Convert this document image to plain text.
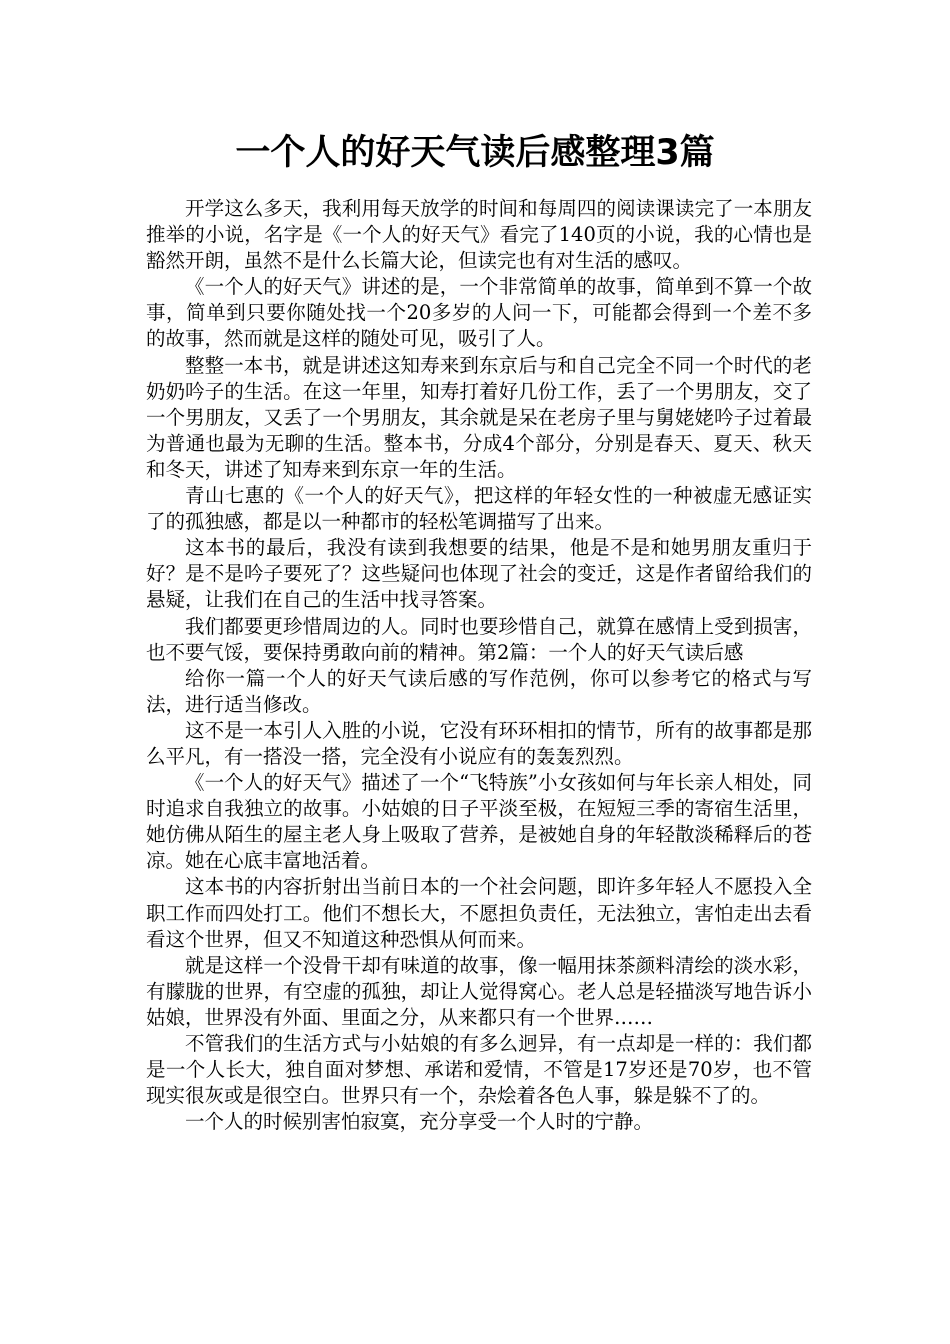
一个人的好天气读后感整理3篇

开学这么多天，我利用每天放学的时间和每周四的阅读课读完了一本朋友推举的小说，名字是《一个人的好天气》看完了140页的小说，我的心情也是豁然开朗，虽然不是什么长篇大论，但读完也有对生活的感叹。

《一个人的好天气》讲述的是，一个非常简单的故事，简单到不算一个故事，简单到只要你随处找一个20多岁的人问一下，可能都会得到一个差不多的故事，然而就是这样的随处可见，吸引了人。

整整一本书，就是讲述这知寿来到东京后与和自己完全不同一个时代的老奶奶吟子的生活。在这一年里，知寿打着好几份工作，丢了一个男朋友，交了一个男朋友，又丢了一个男朋友，其余就是呆在老房子里与舅姥姥吟子过着最为普通也最为无聊的生活。整本书，分成4个部分，分别是春天、夏天、秋天和冬天，讲述了知寿来到东京一年的生活。

青山七惠的《一个人的好天气》，把这样的年轻女性的一种被虚无感证实了的孤独感，都是以一种都市的轻松笔调描写了出来。

这本书的最后，我没有读到我想要的结果，他是不是和她男朋友重归于好？是不是吟子要死了？这些疑问也体现了社会的变迁，这是作者留给我们的悬疑，让我们在自己的生活中找寻答案。

我们都要更珍惜周边的人。同时也要珍惜自己，就算在感情上受到损害，也不要气馁，要保持勇敢向前的精神。第2篇：一个人的好天气读后感

给你一篇一个人的好天气读后感的写作范例，你可以参考它的格式与写法，进行适当修改。

这不是一本引人入胜的小说，它没有环环相扣的情节，所有的故事都是那么平凡，有一搭没一搭，完全没有小说应有的轰轰烈烈。

《一个人的好天气》描述了一个“飞特族”小女孩如何与年长亲人相处，同时追求自我独立的故事。小姑娘的日子平淡至极，在短短三季的寄宿生活里，她仿佛从陌生的屋主老人身上吸取了营养，是被她自身的年轻散淡稀释后的苍凉。她在心底丰富地活着。

这本书的内容折射出当前日本的一个社会问题，即许多年轻人不愿投入全职工作而四处打工。他们不想长大，不愿担负责任，无法独立，害怕走出去看看这个世界，但又不知道这种恐惧从何而来。

就是这样一个没骨干却有味道的故事，像一幅用抹茶颜料清绘的淡水彩，有朦胧的世界，有空虚的孤独，却让人觉得窝心。老人总是轻描淡写地告诉小姑娘，世界没有外面、里面之分，从来都只有一个世界……

不管我们的生活方式与小姑娘的有多么迥异，有一点却是一样的：我们都是一个人长大，独自面对梦想、承诺和爱情，不管是17岁还是70岁，也不管现实很灰或是很空白。世界只有一个，杂烩着各色人事，躲是躲不了的。

一个人的时候别害怕寂寞，充分享受一个人时的宁静。
